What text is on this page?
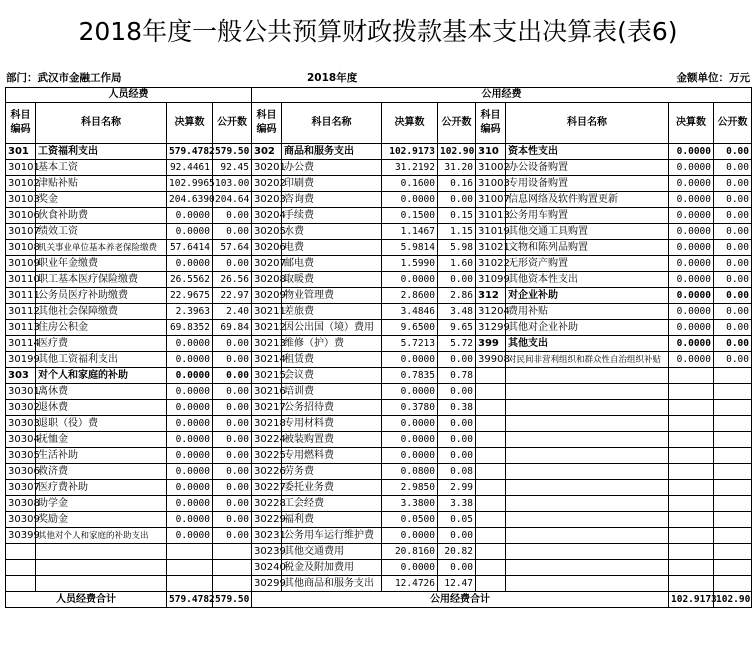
2018年度一般公共预算财政拨款基本支出决算表(表6)
部门：武汉市金融工作局	2018年度	金额单位：万元
人员经费				公用经费							
科目编码	科目名称	决算数	公开数	科目编码	科目名称	决算数	公开数	科目编码	科目名称	决算数	公开数
301	工资福利支出	579.4782	579.50	302	商品和服务支出	102.9173	102.90	310	资本性支出	0.0000	0.00
30101	基本工资	92.4461	92.45	30201	办公费	31.2192	31.20	31002	办公设备购置	0.0000	0.00
30102	津贴补贴	102.9965	103.00	30202	印刷费	0.1600	0.16	31003	专用设备购置	0.0000	0.00
30103	奖金	204.6390	204.64	30203	咨询费	0.0000	0.00	31007	信息网络及软件购置更新	0.0000	0.00
30106	伙食补助费	0.0000	0.00	30204	手续费	0.1500	0.15	31013	公务用车购置	0.0000	0.00
30107	绩效工资	0.0000	0.00	30205	水费	1.1467	1.15	31019	其他交通工具购置	0.0000	0.00
30108	机关事业单位基本养老保险缴费	57.6414	57.64	30206	电费	5.9814	5.98	31021	文物和陈列品购置	0.0000	0.00
30109	职业年金缴费	0.0000	0.00	30207	邮电费	1.5990	1.60	31022	无形资产购置	0.0000	0.00
30110	职工基本医疗保险缴费	26.5562	26.56	30208	取暖费	0.0000	0.00	31099	其他资本性支出	0.0000	0.00
30111	公务员医疗补助缴费	22.9675	22.97	30209	物业管理费	2.8600	2.86	312	对企业补助	0.0000	0.00
30112	其他社会保障缴费	2.3963	2.40	30211	差旅费	3.4846	3.48	31204	费用补贴	0.0000	0.00
30113	住房公积金	69.8352	69.84	30212	因公出国（境）费用	9.6500	9.65	31299	其他对企业补助	0.0000	0.00
30114	医疗费	0.0000	0.00	30213	维修（护）费	5.7213	5.72	399	其他支出	0.0000	0.00
30199	其他工资福利支出	0.0000	0.00	30214	租赁费	0.0000	0.00	39908	对民间非营利组织和群众性自治组织补贴	0.0000	0.00
303	对个人和家庭的补助	0.0000	0.00	30215	会议费	0.7835	0.78				
30301	离休费	0.0000	0.00	30216	培训费	0.0000	0.00				
30302	退休费	0.0000	0.00	30217	公务招待费	0.3780	0.38				
30303	退职（役）费	0.0000	0.00	30218	专用材料费	0.0000	0.00				
30304	抚恤金	0.0000	0.00	30224	被装购置费	0.0000	0.00				
30305	生活补助	0.0000	0.00	30225	专用燃料费	0.0000	0.00				
30306	救济费	0.0000	0.00	30226	劳务费	0.0800	0.08				
30307	医疗费补助	0.0000	0.00	30227	委托业务费	2.9850	2.99				
30308	助学金	0.0000	0.00	30228	工会经费	3.3800	3.38				
30309	奖励金	0.0000	0.00	30229	福利费	0.0500	0.05				
30399	其他对个人和家庭的补助支出	0.0000	0.00	30231	公务用车运行维护费	0.0000	0.00				
				30239	其他交通费用	20.8160	20.82				
				30240	税金及附加费用	0.0000	0.00				
				30299	其他商品和服务支出	12.4726	12.47				
人员经费合计		579.4782	579.50	公用经费合计						102.9173	102.90
